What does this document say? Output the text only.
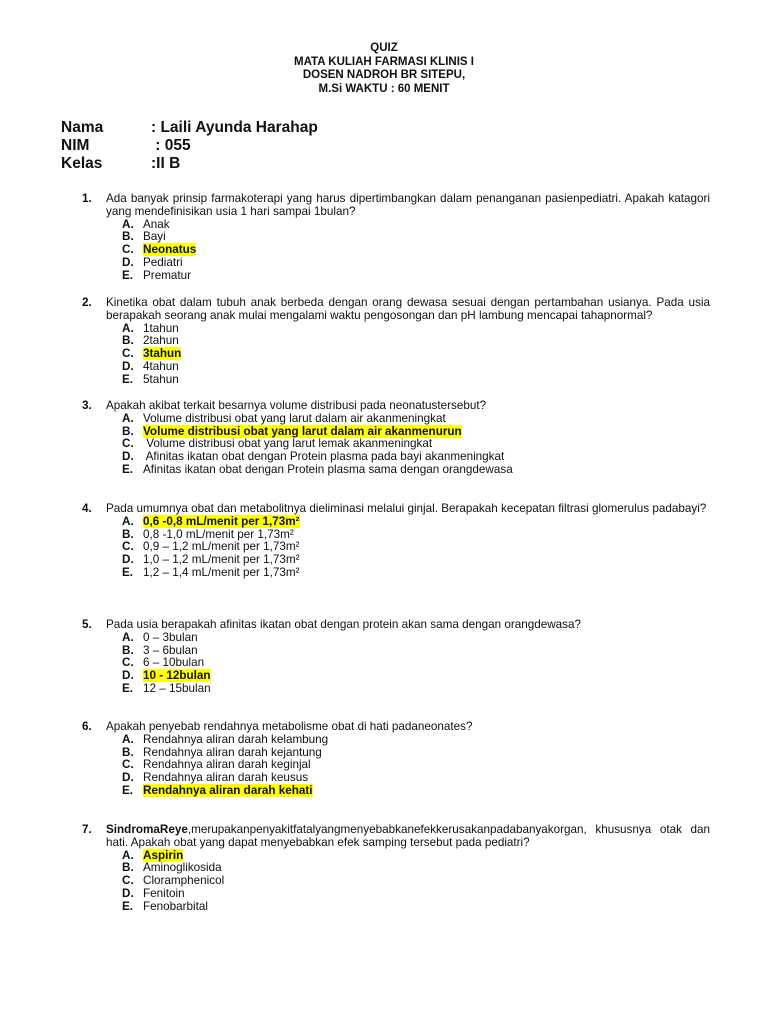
QUIZ
MATA KULIAH FARMASI KLINIS I
DOSEN NADROH BR SITEPU,
M.Si WAKTU : 60 MENIT
Nama	: Laili Ayunda Harahap
NIM	: 055
Kelas	:II B
1. Ada banyak prinsip farmakoterapi yang harus dipertimbangkan dalam penanganan pasienpediatri. Apakah katagori yang mendefinisikan usia 1 hari sampai 1bulan?
A. Anak
B. Bayi
C. Neonatus
D. Pediatri
E. Prematur
2. Kinetika obat dalam tubuh anak berbeda dengan orang dewasa sesuai dengan pertambahan usianya. Pada usia berapakah seorang anak mulai mengalami waktu pengosongan dan pH lambung mencapai tahapnormal?
A. 1tahun
B. 2tahun
C. 3tahun
D. 4tahun
E. 5tahun
3. Apakah akibat terkait besarnya volume distribusi pada neonatustersebut?
A. Volume distribusi obat yang larut dalam air akanmeningkat
B. Volume distribusi obat yang larut dalam air akanmenurun
C. Volume distribusi obat yang larut lemak akanmeningkat
D. Afinitas ikatan obat dengan Protein plasma pada bayi akanmeningkat
E. Afinitas ikatan obat dengan Protein plasma sama dengan orangdewasa
4. Pada umumnya obat dan metabolitnya dieliminasi melalui ginjal. Berapakah kecepatan filtrasi glomerulus padabayi?
A. 0,6 -0,8 mL/menit per 1,73m²
B. 0,8 -1,0 mL/menit per 1,73m²
C. 0,9 – 1,2 mL/menit per 1,73m²
D. 1,0 – 1,2 mL/menit per 1,73m²
E. 1,2 – 1,4 mL/menit per 1,73m²
5. Pada usia berapakah afinitas ikatan obat dengan protein akan sama dengan orangdewasa?
A. 0 – 3bulan
B. 3 – 6bulan
C. 6 – 10bulan
D. 10 - 12bulan
E. 12 – 15bulan
6. Apakah penyebab rendahnya metabolisme obat di hati padaneonates?
A. Rendahnya aliran darah kelambung
B. Rendahnya aliran darah kejantung
C. Rendahnya aliran darah keginjal
D. Rendahnya aliran darah keusus
E. Rendahnya aliran darah kehati
7. SindromaReye,merupakanpenyakitfatalyangmenyebabkanefekkerusakanpadabanyakorgan, khususnya otak dan hati. Apakah obat yang dapat menyebabkan efek samping tersebut pada pediatri?
A. Aspirin
B. Aminoglikosida
C. Cloramphenicol
D. Fenitoin
E. Fenobarbital
